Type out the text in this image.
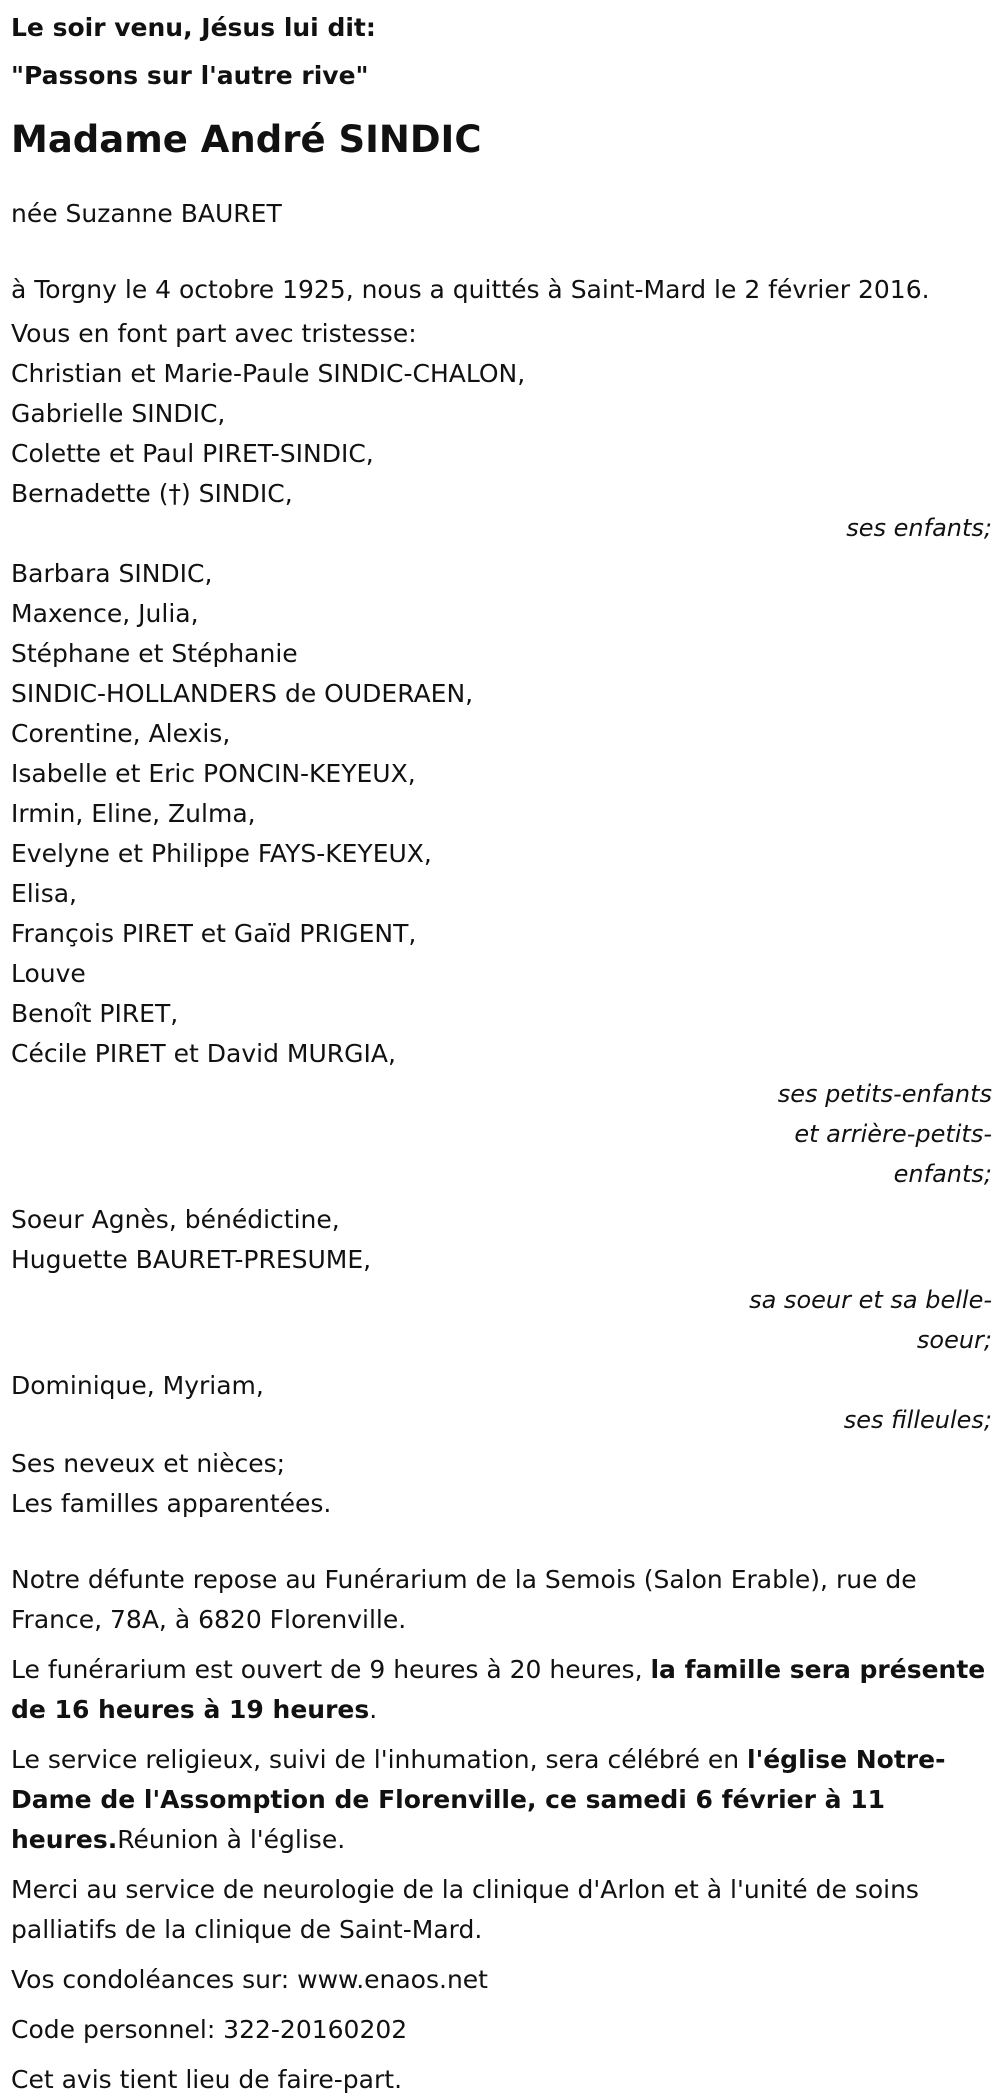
Le soir venu, Jésus lui dit:
"Passons sur l'autre rive"
Madame André SINDIC
née Suzanne BAURET
à Torgny le 4 octobre 1925, nous a quittés à Saint-Mard le 2 février 2016.
Vous en font part avec tristesse:
Christian et Marie-Paule SINDIC-CHALON,
Gabrielle SINDIC,
Colette et Paul PIRET-SINDIC,
Bernadette (†) SINDIC,
ses enfants;
Barbara SINDIC,
Maxence, Julia,
Stéphane et Stéphanie
SINDIC-HOLLANDERS de OUDERAEN,
Corentine, Alexis,
Isabelle et Eric PONCIN-KEYEUX,
Irmin, Eline, Zulma,
Evelyne et Philippe FAYS-KEYEUX,
Elisa,
François PIRET et Gaïd PRIGENT,
Louve
Benoît PIRET,
Cécile PIRET et David MURGIA,
ses petits-enfants
et arrière-petits-
enfants;
Soeur Agnès, bénédictine,
Huguette BAURET-PRESUME,
sa soeur et sa belle-
soeur;
Dominique, Myriam,
ses filleules;
Ses neveux et nièces;
Les familles apparentées.
Notre défunte repose au Funérarium de la Semois (Salon Erable), rue de France, 78A, à 6820 Florenville.
Le funérarium est ouvert de 9 heures à 20 heures, la famille sera présente de 16 heures à 19 heures.
Le service religieux, suivi de l'inhumation, sera célébré en l'église Notre-Dame de l'Assomption de Florenville, ce samedi 6 février à 11 heures.Réunion à l'église.
Merci au service de neurologie de la clinique d'Arlon et à l'unité de soins palliatifs de la clinique de Saint-Mard.
Vos condoléances sur: www.enaos.net
Code personnel: 322-20160202
Cet avis tient lieu de faire-part.
